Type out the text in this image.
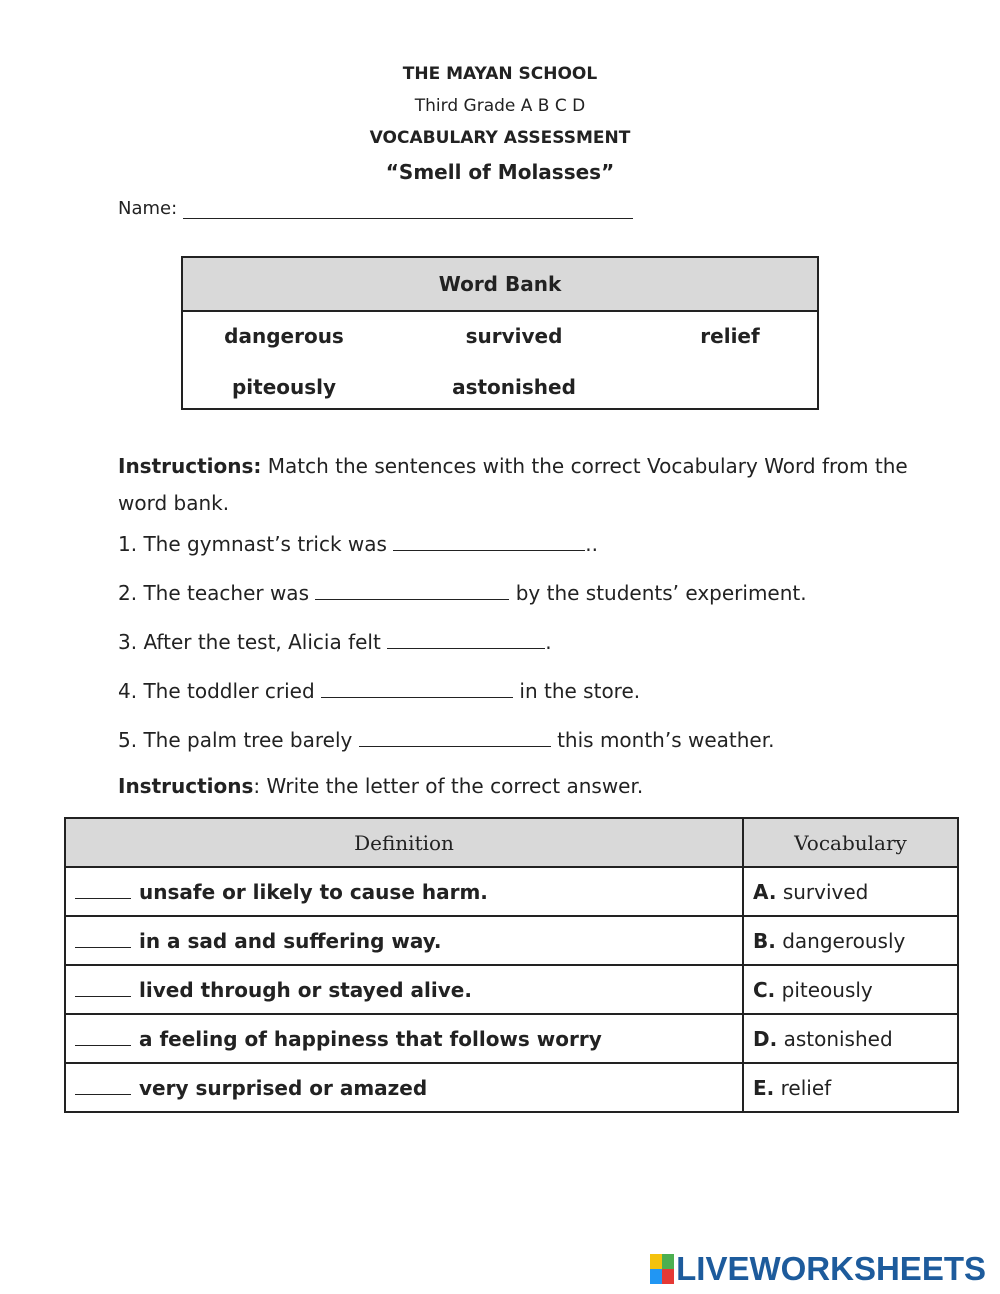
THE MAYAN SCHOOL
Third Grade A B C D
VOCABULARY ASSESSMENT
“Smell of Molasses”
Name:
Word Bank
dangerous	survived	relief
piteously	astonished
Instructions: Match the sentences with the correct Vocabulary Word from the word bank.
1. The gymnast’s trick was	..
2. The teacher was	by the students’ experiment.
3. After the test, Alicia felt	.
4. The toddler cried	in the store.
5. The palm tree barely	this month’s weather.
Instructions: Write the letter of the correct answer.
Definition	Vocabulary
unsafe or likely to cause harm.	A. survived
in a sad and suffering way.	B. dangerously
lived through or stayed alive.	C. piteously
a feeling of happiness that follows worry	D. astonished
very surprised or amazed	E. relief
LIVEWORKSHEETS
